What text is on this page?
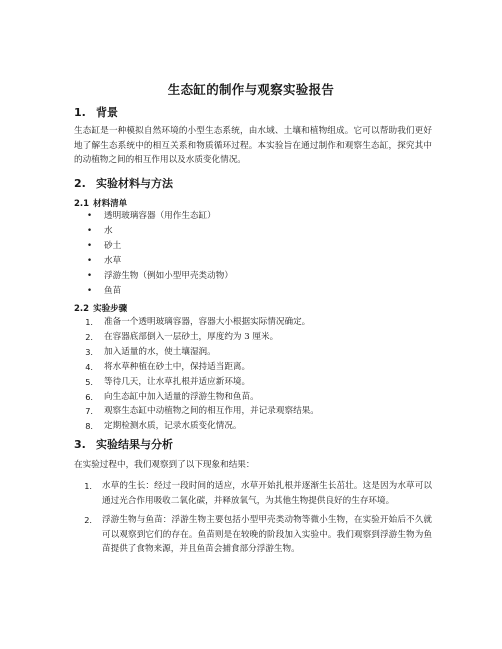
生态缸的制作与观察实验报告
1. 背景
生态缸是一种模拟自然环境的小型生态系统，由水域、土壤和植物组成。它可以帮助我们更好地了解生态系统中的相互关系和物质循环过程。本实验旨在通过制作和观察生态缸，探究其中的动植物之间的相互作用以及水质变化情况。
2. 实验材料与方法
2.1 材料清单
• 透明玻璃容器（用作生态缸）
• 水
• 砂土
• 水草
• 浮游生物（例如小型甲壳类动物）
• 鱼苗
2.2 实验步骤
1. 准备一个透明玻璃容器，容器大小根据实际情况确定。
2. 在容器底部倒入一层砂土，厚度约为 3 厘米。
3. 加入适量的水，使土壤湿润。
4. 将水草种植在砂土中，保持适当距离。
5. 等待几天，让水草扎根并适应新环境。
6. 向生态缸中加入适量的浮游生物和鱼苗。
7. 观察生态缸中动植物之间的相互作用，并记录观察结果。
8. 定期检测水质，记录水质变化情况。
3. 实验结果与分析
在实验过程中，我们观察到了以下现象和结果：
1. 水草的生长：经过一段时间的适应，水草开始扎根并逐渐生长茁壮。这是因为水草可以通过光合作用吸收二氧化碳，并释放氧气，为其他生物提供良好的生存环境。
2. 浮游生物与鱼苗：浮游生物主要包括小型甲壳类动物等微小生物，在实验开始后不久就可以观察到它们的存在。鱼苗则是在较晚的阶段加入实验中。我们观察到浮游生物为鱼苗提供了食物来源，并且鱼苗会捕食部分浮游生物。
